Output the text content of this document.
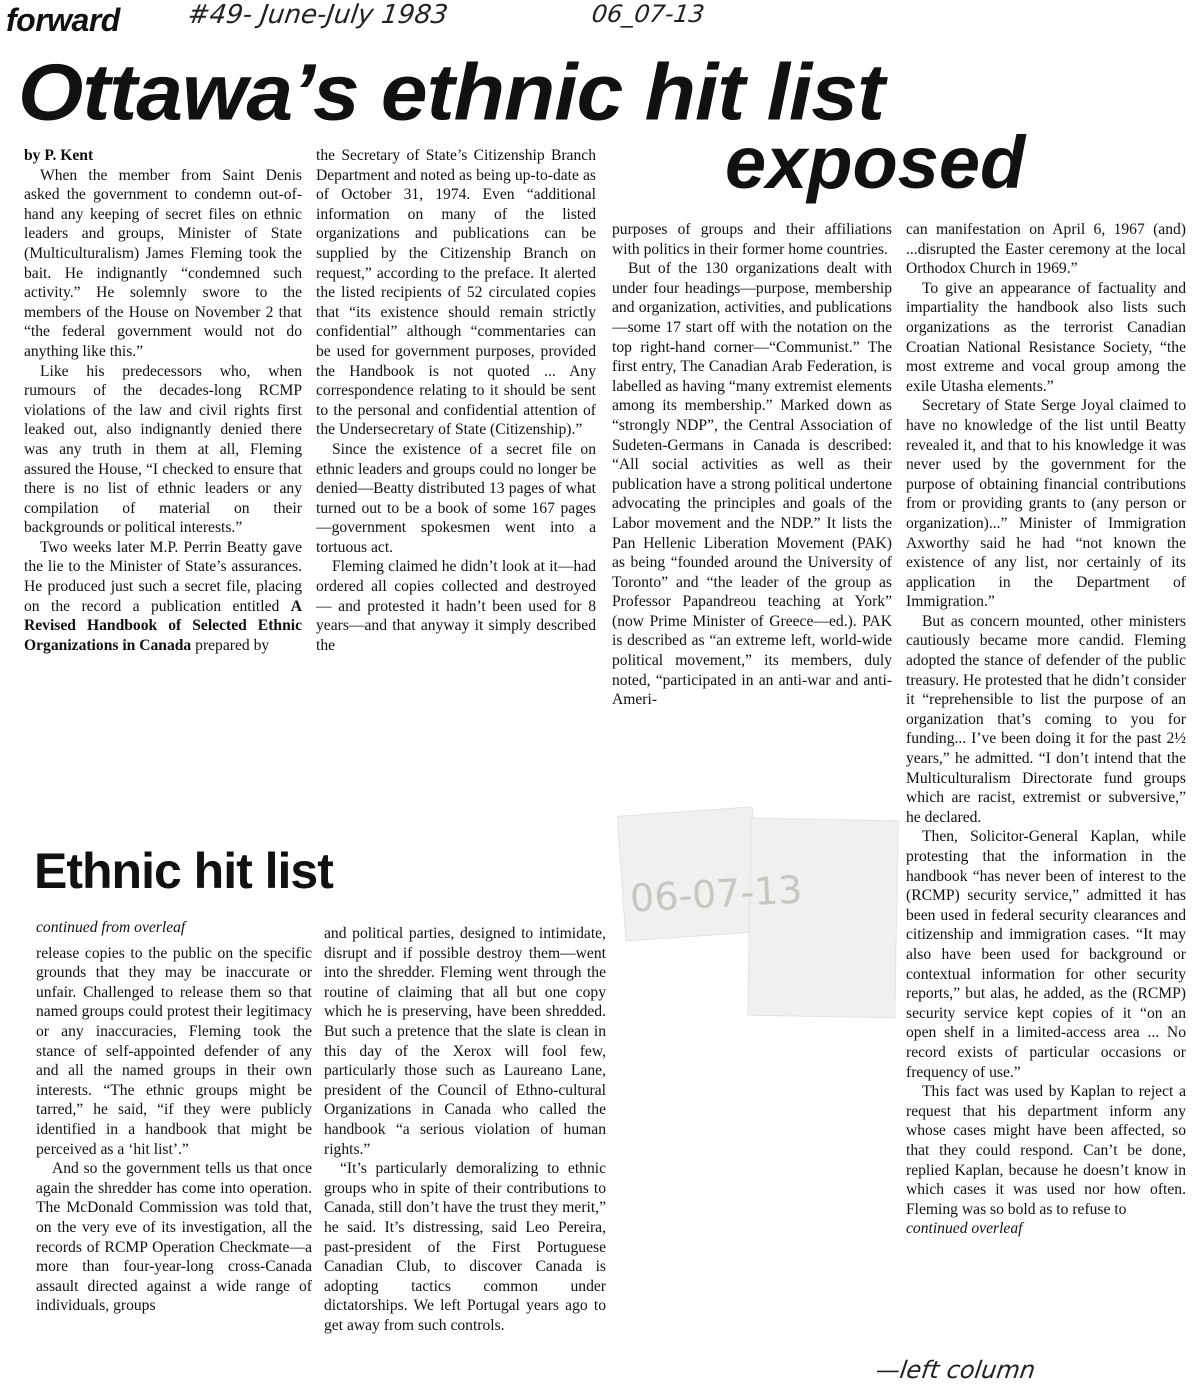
forward	#49- June-July 1983	06_07-13
Ottawa’s ethnic hit list
exposed

by P. Kent

When the member from Saint Denis asked the government to condemn out-of-hand any keeping of secret files on ethnic leaders and groups, Minister of State (Multiculturalism) James Fleming took the bait. He indignantly “condemned such activity.” He solemnly swore to the members of the House on November 2 that “the federal government would not do anything like this.”

Like his predecessors who, when rumours of the decades-long RCMP violations of the law and civil rights first leaked out, also indignantly denied there was any truth in them at all, Fleming assured the House, “I checked to ensure that there is no list of ethnic leaders or any compilation of material on their backgrounds or political interests.”

Two weeks later M.P. Perrin Beatty gave the lie to the Minister of State’s assurances. He produced just such a secret file, placing on the record a publication entitled A Revised Handbook of Selected Ethnic Organizations in Canada prepared by

the Secretary of State’s Citizenship Branch Department and noted as being up-to-date as of October 31, 1974. Even “additional information on many of the listed organizations and publications can be supplied by the Citizenship Branch on request,” according to the preface. It alerted the listed recipients of 52 circulated copies that “its existence should remain strictly confidential” although “commentaries can be used for government purposes, provided the Handbook is not quoted ... Any correspondence relating to it should be sent to the personal and confidential attention of the Undersecretary of State (Citizenship).”

Since the existence of a secret file on ethnic leaders and groups could no longer be denied—Beatty distributed 13 pages of what turned out to be a book of some 167 pages—government spokesmen went into a tortuous act.

Fleming claimed he didn’t look at it—had ordered all copies collected and destroyed — and protested it hadn’t been used for 8 years—and that anyway it simply described the

purposes of groups and their affiliations with politics in their former home countries.

But of the 130 organizations dealt with under four headings—purpose, membership and organization, activities, and publications—some 17 start off with the notation on the top right-hand corner—“Communist.” The first entry, The Canadian Arab Federation, is labelled as having “many extremist elements among its membership.” Marked down as “strongly NDP”, the Central Association of Sudeten-Germans in Canada is described: “All social activities as well as their publication have a strong political undertone advocating the principles and goals of the Labor movement and the NDP.” It lists the Pan Hellenic Liberation Movement (PAK) as being “founded around the University of Toronto” and “the leader of the group as Professor Papandreou teaching at York” (now Prime Minister of Greece—ed.). PAK is described as “an extreme left, world-wide political movement,” its members, duly noted, “participated in an anti-war and anti-Ameri-

can manifestation on April 6, 1967 (and) ...disrupted the Easter ceremony at the local Orthodox Church in 1969.”

To give an appearance of factuality and impartiality the handbook also lists such organizations as the terrorist Canadian Croatian National Resistance Society, “the most extreme and vocal group among the exile Utasha elements.”

Secretary of State Serge Joyal claimed to have no knowledge of the list until Beatty revealed it, and that to his knowledge it was never used by the government for the purpose of obtaining financial contributions from or providing grants to (any person or organization)...” Minister of Immigration Axworthy said he had “not known the existence of any list, nor certainly of its application in the Department of Immigration.”

But as concern mounted, other ministers cautiously became more candid. Fleming adopted the stance of defender of the public treasury. He protested that he didn’t consider it “reprehensible to list the purpose of an organization that’s coming to you for funding... I’ve been doing it for the past 2½ years,” he admitted. “I don’t intend that the Multiculturalism Directorate fund groups which are racist, extremist or subversive,” he declared.

Then, Solicitor-General Kaplan, while protesting that the information in the handbook “has never been of interest to the (RCMP) security service,” admitted it has been used in federal security clearances and citizenship and immigration cases. “It may also have been used for background or contextual information for other security reports,” but alas, he added, as the (RCMP) security service kept copies of it “on an open shelf in a limited-access area ... No record exists of particular occasions or frequency of use.”

This fact was used by Kaplan to reject a request that his department inform any whose cases might have been affected, so that they could respond. Can’t be done, replied Kaplan, because he doesn’t know in which cases it was used nor how often. Fleming was so bold as to refuse to

continued overleaf

06-07-13
Ethnic hit list

continued from overleaf

release copies to the public on the specific grounds that they may be inaccurate or unfair. Challenged to release them so that named groups could protest their legitimacy or any inaccuracies, Fleming took the stance of self-appointed defender of any and all the named groups in their own interests. “The ethnic groups might be tarred,” he said, “if they were publicly identified in a handbook that might be perceived as a ‘hit list’.”

And so the government tells us that once again the shredder has come into operation. The McDonald Commission was told that, on the very eve of its investigation, all the records of RCMP Operation Checkmate—a more than four-year-long cross-Canada assault directed against a wide range of individuals, groups

and political parties, designed to intimidate, disrupt and if possible destroy them—went into the shredder. Fleming went through the routine of claiming that all but one copy which he is preserving, have been shredded. But such a pretence that the slate is clean in this day of the Xerox will fool few, particularly those such as Laureano Lane, president of the Council of Ethno-cultural Organizations in Canada who called the handbook “a serious violation of human rights.”

“It’s particularly demoralizing to ethnic groups who in spite of their contributions to Canada, still don’t have the trust they merit,” he said. It’s distressing, said Leo Pereira, past-president of the First Portuguese Canadian Club, to discover Canada is adopting tactics common under dictatorships. We left Portugal years ago to get away from such controls.

—left column
